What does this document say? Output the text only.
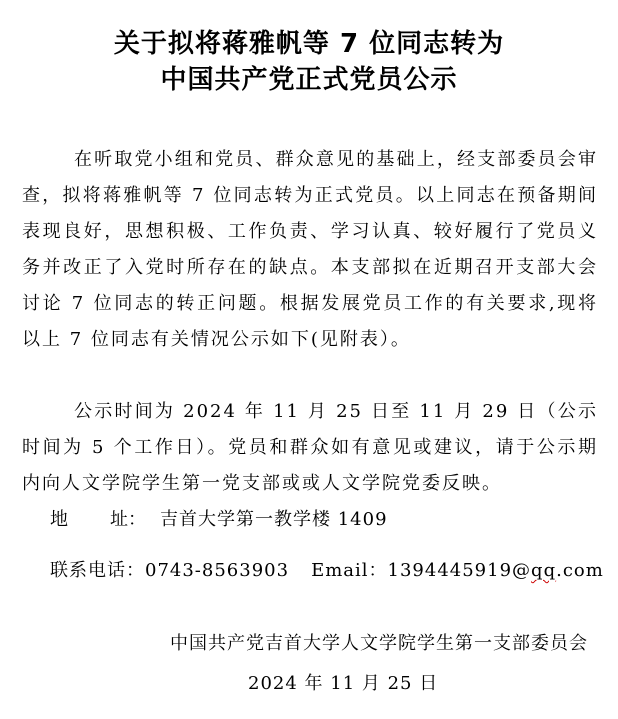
关于拟将蒋雅帆等 7 位同志转为
中国共产党正式党员公示
在听取党小组和党员、群众意见的基础上，经支部委员会审查，拟将蒋雅帆等 7 位同志转为正式党员。以上同志在预备期间表现良好，思想积极、工作负责、学习认真、较好履行了党员义务并改正了入党时所存在的缺点。本支部拟在近期召开支部大会讨论 7 位同志的转正问题。根据发展党员工作的有关要求,现将以上 7 位同志有关情况公示如下(见附表）。
公示时间为 2024 年 11 月 25 日至 11 月 29 日（公示时间为 5 个工作日）。党员和群众如有意见或建议，请于公示期内向人文学院学生第一党支部或或人文学院党委反映。
地 址： 吉首大学第一教学楼 1409
联系电话：0743-8563903 Email：1394445919@qq.com
中国共产党吉首大学人文学院学生第一支部委员会
2024 年 11 月 25 日
